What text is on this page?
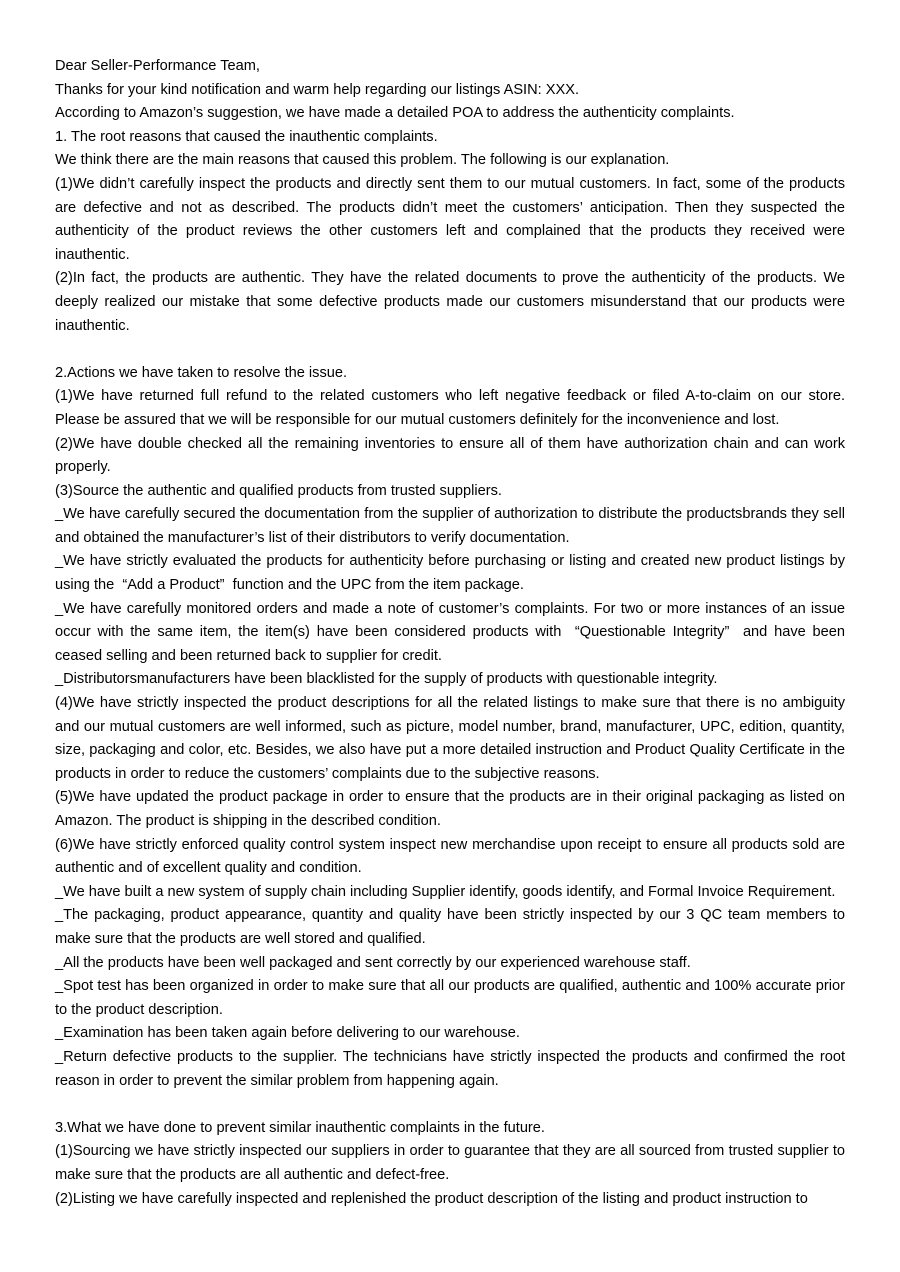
Dear Seller-Performance Team,

Thanks for your kind notification and warm help regarding our listings ASIN: XXX.

According to Amazon’s suggestion, we have made a detailed POA to address the authenticity complaints.

1. The root reasons that caused the inauthentic complaints.

We think there are the main reasons that caused this problem. The following is our explanation.

(1)We didn’t carefully inspect the products and directly sent them to our mutual customers. In fact, some of the products are defective and not as described. The products didn’t meet the customers’ anticipation. Then they suspected the authenticity of the product reviews the other customers left and complained that the products they received were inauthentic.

(2)In fact, the products are authentic. They have the related documents to prove the authenticity of the products. We deeply realized our mistake that some defective products made our customers misunderstand that our products were inauthentic.

2.Actions we have taken to resolve the issue.

(1)We have returned full refund to the related customers who left negative feedback or filed A-to-claim on our store. Please be assured that we will be responsible for our mutual customers definitely for the inconvenience and lost.

(2)We have double checked all the remaining inventories to ensure all of them have authorization chain and can work properly.

(3)Source the authentic and qualified products from trusted suppliers.

_We have carefully secured the documentation from the supplier of authorization to distribute the productsbrands they sell and obtained the manufacturer’s list of their distributors to verify documentation.

_We have strictly evaluated the products for authenticity before purchasing or listing and created new product listings by using the  “Add a Product”  function and the UPC from the item package.

_We have carefully monitored orders and made a note of customer’s complaints. For two or more instances of an issue occur with the same item, the item(s) have been considered products with  “Questionable Integrity”  and have been ceased selling and been returned back to supplier for credit.

_Distributorsmanufacturers have been blacklisted for the supply of products with questionable integrity.

(4)We have strictly inspected the product descriptions for all the related listings to make sure that there is no ambiguity and our mutual customers are well informed, such as picture, model number, brand, manufacturer, UPC, edition, quantity, size, packaging and color, etc. Besides, we also have put a more detailed instruction and Product Quality Certificate in the products in order to reduce the customers’ complaints due to the subjective reasons.

(5)We have updated the product package in order to ensure that the products are in their original packaging as listed on Amazon. The product is shipping in the described condition.

(6)We have strictly enforced quality control system inspect new merchandise upon receipt to ensure all products sold are authentic and of excellent quality and condition.

_We have built a new system of supply chain including Supplier identify, goods identify, and Formal Invoice Requirement.

_The packaging, product appearance, quantity and quality have been strictly inspected by our 3 QC team members to make sure that the products are well stored and qualified.

_All the products have been well packaged and sent correctly by our experienced warehouse staff.

_Spot test has been organized in order to make sure that all our products are qualified, authentic and 100% accurate prior to the product description.

_Examination has been taken again before delivering to our warehouse.

_Return defective products to the supplier. The technicians have strictly inspected the products and confirmed the root reason in order to prevent the similar problem from happening again.

3.What we have done to prevent similar inauthentic complaints in the future.

(1)Sourcing we have strictly inspected our suppliers in order to guarantee that they are all sourced from trusted supplier to make sure that the products are all authentic and defect-free.

(2)Listing we have carefully inspected and replenished the product description of the listing and product instruction to
